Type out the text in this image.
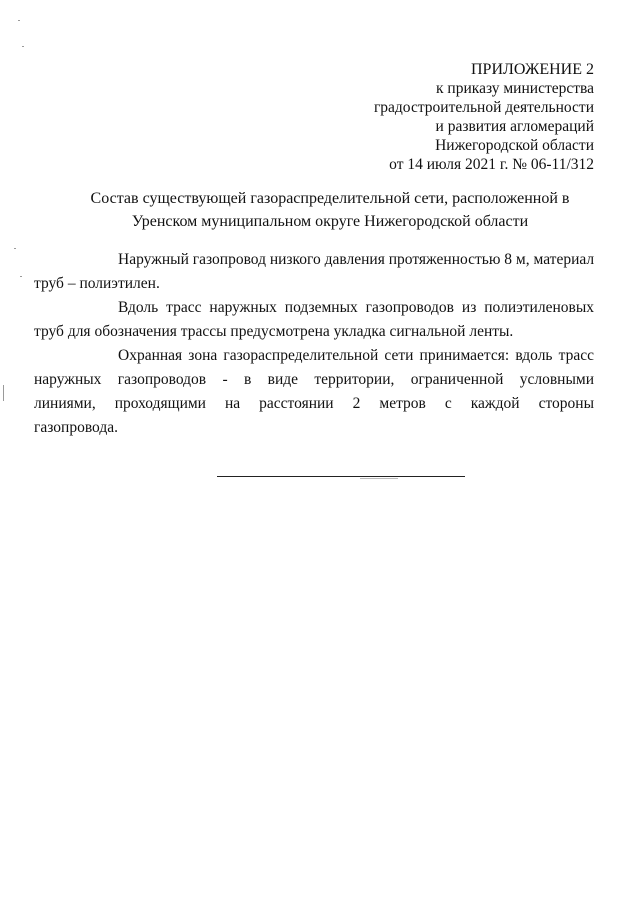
ПРИЛОЖЕНИЕ 2
к приказу министерства
градостроительной деятельности
и развития агломераций
Нижегородской области
от 14 июля 2021 г. № 06-11/312
Состав существующей газораспределительной сети, расположенной в
Уренском муниципальном округе Нижегородской области

Наружный газопровод низкого давления протяженностью 8 м, материал
труб – полиэтилен.

Вдоль трасс наружных подземных газопроводов из полиэтиленовых
труб для обозначения трассы предусмотрена укладка сигнальной ленты.

Охранная зона газораспределительной сети принимается: вдоль трасс
наружных газопроводов - в виде территории, ограниченной условными
линиями, проходящими на расстоянии 2 метров с каждой стороны
газопровода.
